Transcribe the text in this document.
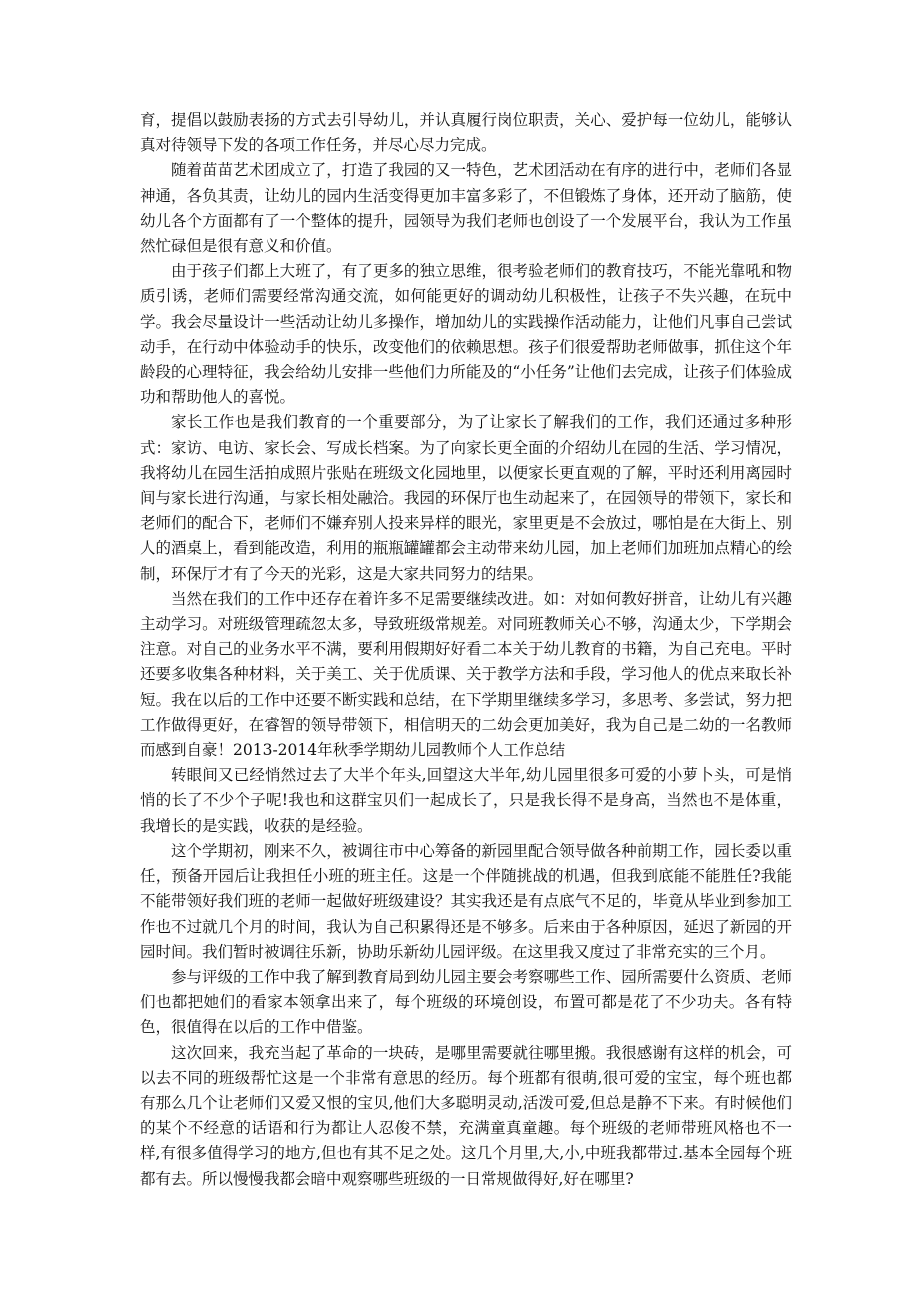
育，提倡以鼓励表扬的方式去引导幼儿，并认真履行岗位职责，关心、爱护每一位幼儿，能够认真对待领导下发的各项工作任务，并尽心尽力完成。

随着苗苗艺术团成立了，打造了我园的又一特色，艺术团活动在有序的进行中，老师们各显神通，各负其责，让幼儿的园内生活变得更加丰富多彩了，不但锻炼了身体，还开动了脑筋，使幼儿各个方面都有了一个整体的提升，园领导为我们老师也创设了一个发展平台，我认为工作虽然忙碌但是很有意义和价值。

由于孩子们都上大班了，有了更多的独立思维，很考验老师们的教育技巧，不能光靠吼和物质引诱，老师们需要经常沟通交流，如何能更好的调动幼儿积极性，让孩子不失兴趣，在玩中学。我会尽量设计一些活动让幼儿多操作，增加幼儿的实践操作活动能力，让他们凡事自己尝试动手，在行动中体验动手的快乐，改变他们的依赖思想。孩子们很爱帮助老师做事，抓住这个年龄段的心理特征，我会给幼儿安排一些他们力所能及的“小任务”让他们去完成，让孩子们体验成功和帮助他人的喜悦。

家长工作也是我们教育的一个重要部分，为了让家长了解我们的工作，我们还通过多种形式：家访、电访、家长会、写成长档案。为了向家长更全面的介绍幼儿在园的生活、学习情况，我将幼儿在园生活拍成照片张贴在班级文化园地里，以便家长更直观的了解，平时还利用离园时间与家长进行沟通，与家长相处融洽。我园的环保厅也生动起来了，在园领导的带领下，家长和老师们的配合下，老师们不嫌弃别人投来异样的眼光，家里更是不会放过，哪怕是在大街上、别人的酒桌上，看到能改造，利用的瓶瓶罐罐都会主动带来幼儿园，加上老师们加班加点精心的绘制，环保厅才有了今天的光彩，这是大家共同努力的结果。

当然在我们的工作中还存在着许多不足需要继续改进。如：对如何教好拼音，让幼儿有兴趣主动学习。对班级管理疏忽太多，导致班级常规差。对同班教师关心不够，沟通太少，下学期会注意。对自己的业务水平不满，要利用假期好好看二本关于幼儿教育的书籍，为自己充电。平时还要多收集各种材料，关于美工、关于优质课、关于教学方法和手段，学习他人的优点来取长补短。我在以后的工作中还要不断实践和总结，在下学期里继续多学习，多思考、多尝试，努力把工作做得更好，在睿智的领导带领下，相信明天的二幼会更加美好，我为自己是二幼的一名教师而感到自豪！2013-2014年秋季学期幼儿园教师个人工作总结

转眼间又已经悄然过去了大半个年头,回望这大半年,幼儿园里很多可爱的小萝卜头，可是悄悄的长了不少个子呢!我也和这群宝贝们一起成长了，只是我长得不是身高，当然也不是体重，我增长的是实践，收获的是经验。

这个学期初，刚来不久，被调往市中心筹备的新园里配合领导做各种前期工作，园长委以重任，预备开园后让我担任小班的班主任。这是一个伴随挑战的机遇，但我到底能不能胜任?我能不能带领好我们班的老师一起做好班级建设？其实我还是有点底气不足的，毕竟从毕业到参加工作也不过就几个月的时间，我认为自己积累得还是不够多。后来由于各种原因，延迟了新园的开园时间。我们暂时被调往乐新，协助乐新幼儿园评级。在这里我又度过了非常充实的三个月。

参与评级的工作中我了解到教育局到幼儿园主要会考察哪些工作、园所需要什么资质、老师们也都把她们的看家本领拿出来了，每个班级的环境创设，布置可都是花了不少功夫。各有特色，很值得在以后的工作中借鉴。

这次回来，我充当起了革命的一块砖，是哪里需要就往哪里搬。我很感谢有这样的机会，可以去不同的班级帮忙这是一个非常有意思的经历。每个班都有很萌,很可爱的宝宝，每个班也都有那么几个让老师们又爱又恨的宝贝,他们大多聪明灵动,活泼可爱,但总是静不下来。有时候他们的某个不经意的话语和行为都让人忍俊不禁，充满童真童趣。每个班级的老师带班风格也不一样,有很多值得学习的地方,但也有其不足之处。这几个月里,大,小,中班我都带过.基本全园每个班都有去。所以慢慢我都会暗中观察哪些班级的一日常规做得好,好在哪里?
